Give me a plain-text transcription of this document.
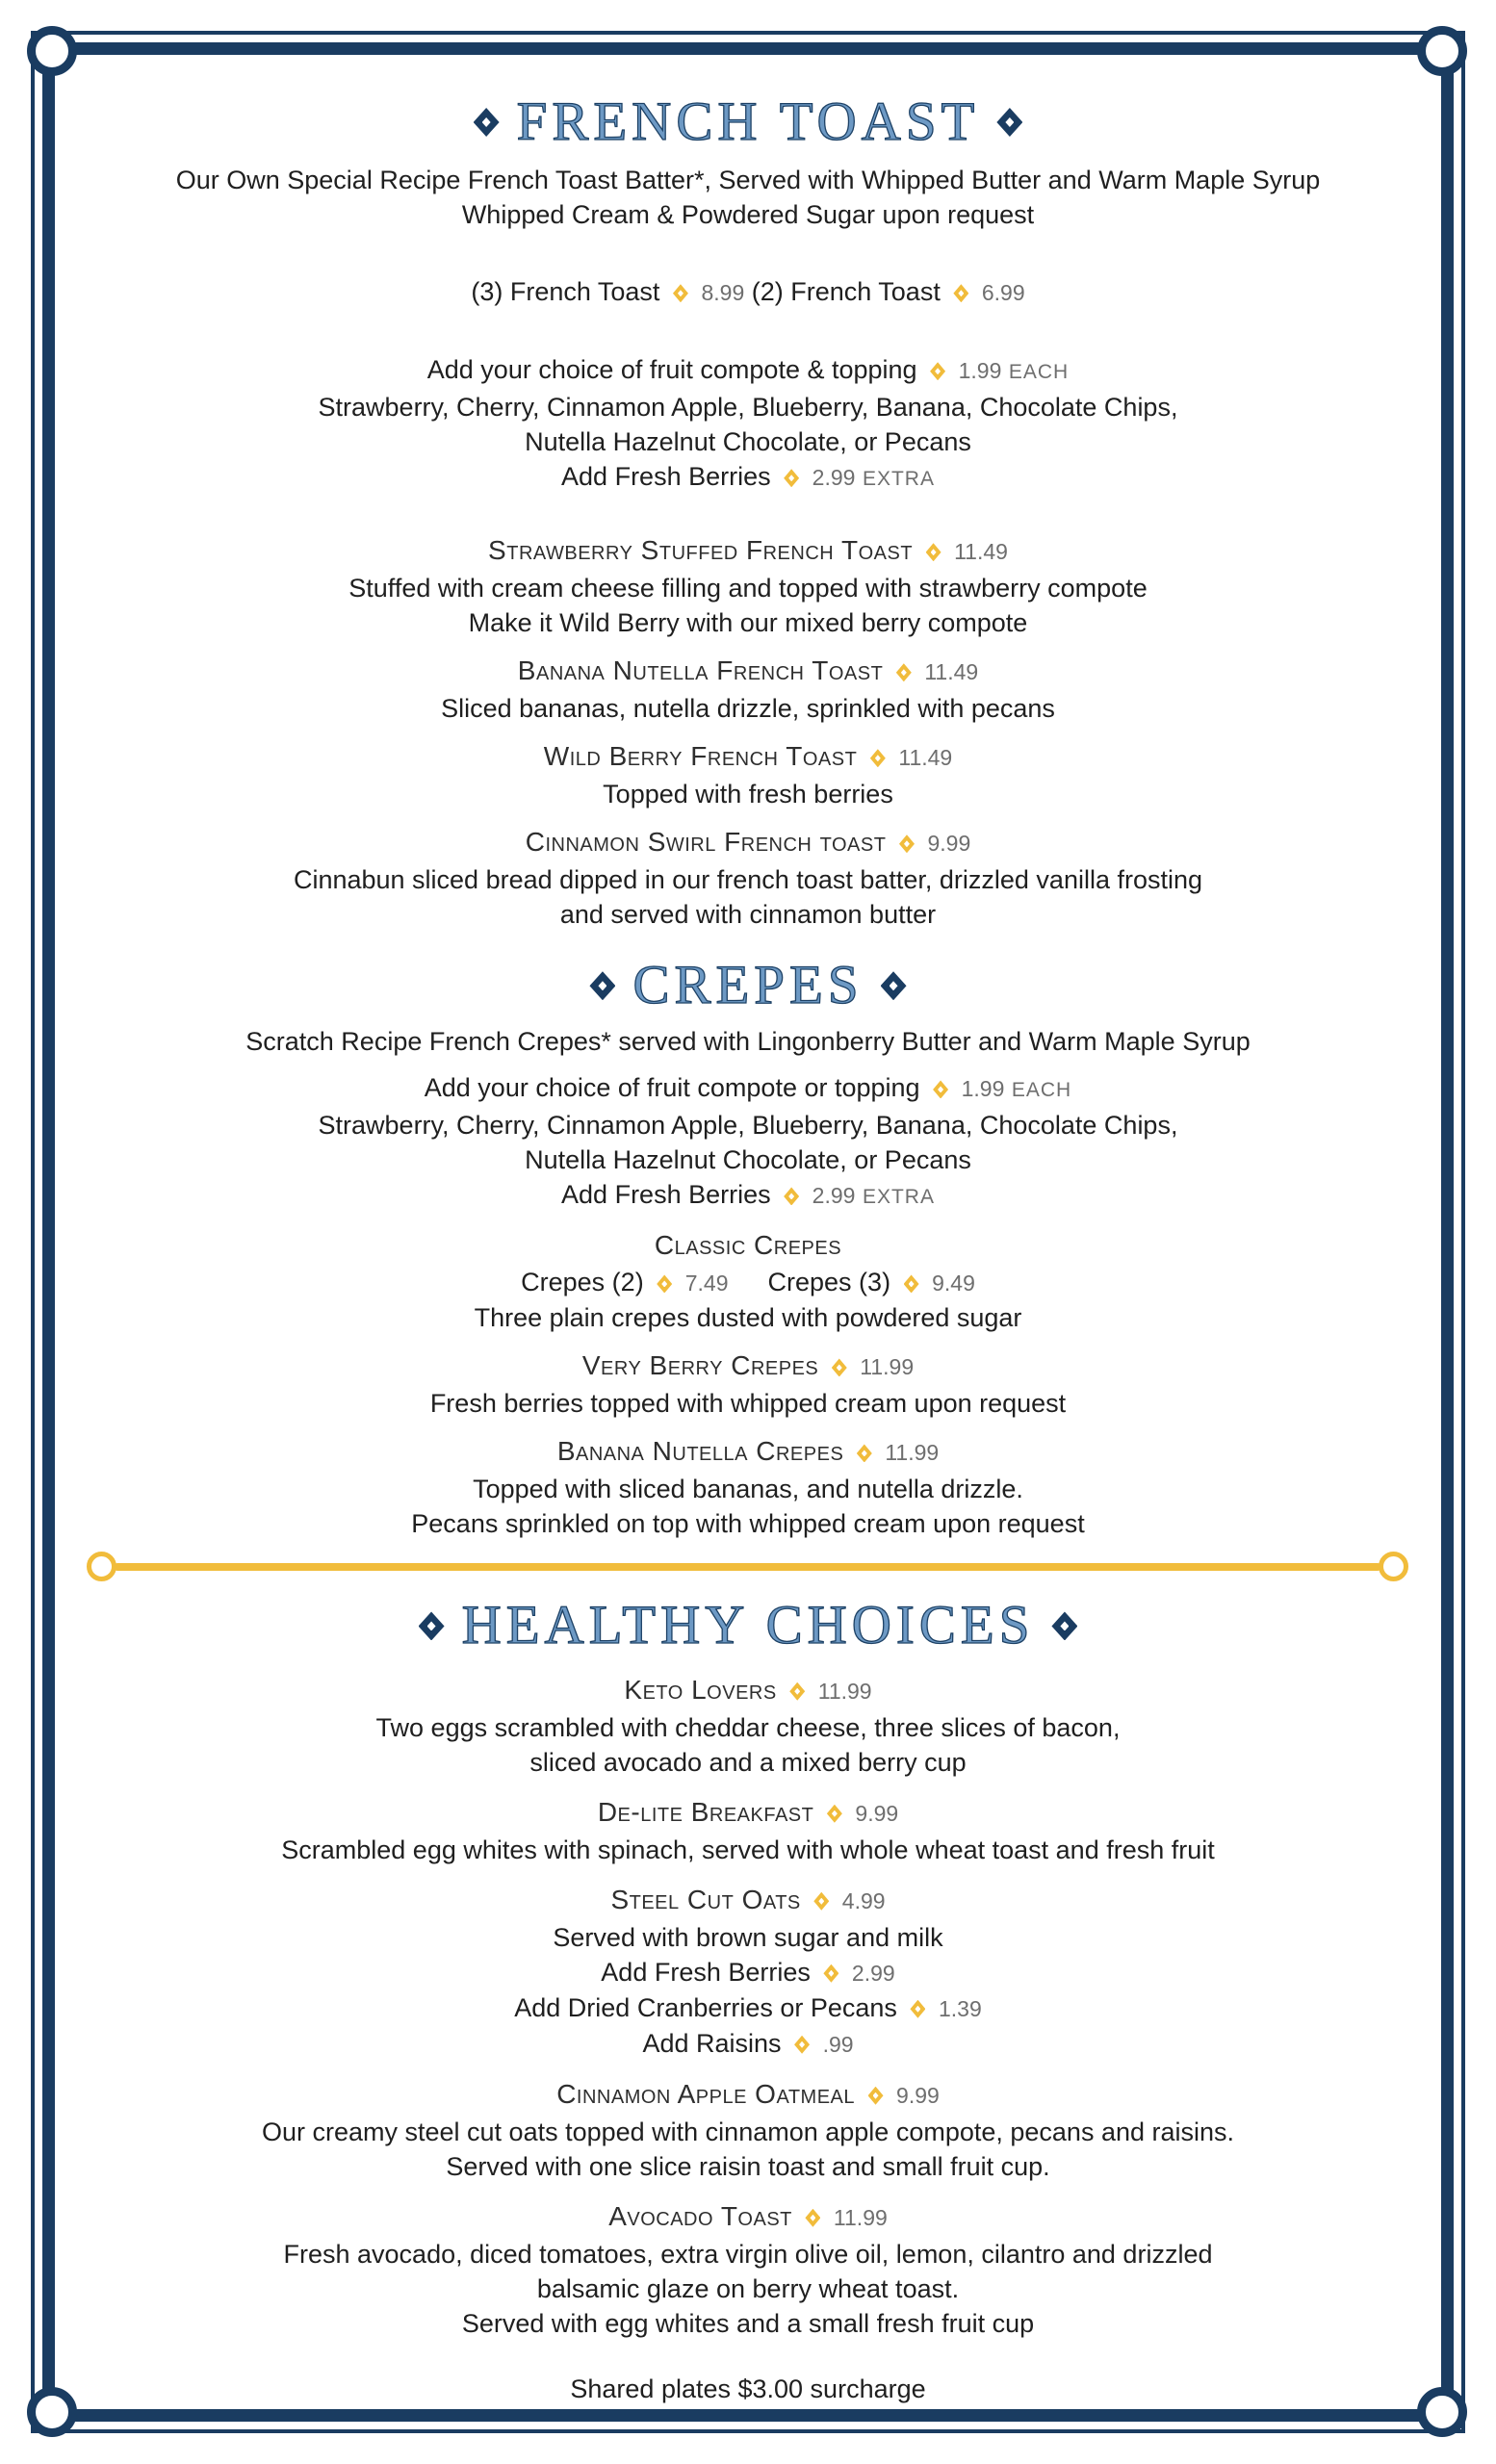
FRENCH TOAST
Our Own Special Recipe French Toast Batter*, Served with Whipped Butter and Warm Maple Syrup
Whipped Cream & Powdered Sugar upon request
(3) French Toast 8.99 (2) French Toast 6.99
Add your choice of fruit compote & topping 1.99 EACH
Strawberry, Cherry, Cinnamon Apple, Blueberry, Banana, Chocolate Chips,
Nutella Hazelnut Chocolate, or Pecans
Add Fresh Berries 2.99 EXTRA
Strawberry Stuffed French Toast 11.49
Stuffed with cream cheese filling and topped with strawberry compote
Make it Wild Berry with our mixed berry compote
Banana Nutella French Toast 11.49
Sliced bananas, nutella drizzle, sprinkled with pecans
Wild Berry French Toast 11.49
Topped with fresh berries
Cinnamon Swirl French toast 9.99
Cinnabun sliced bread dipped in our french toast batter, drizzled vanilla frosting
and served with cinnamon butter
CREPES
Scratch Recipe French Crepes* served with Lingonberry Butter and Warm Maple Syrup
Add your choice of fruit compote or topping 1.99 EACH
Strawberry, Cherry, Cinnamon Apple, Blueberry, Banana, Chocolate Chips,
Nutella Hazelnut Chocolate, or Pecans
Add Fresh Berries 2.99 EXTRA
Classic Crepes
Crepes (2) 7.49 Crepes (3) 9.49
Three plain crepes dusted with powdered sugar
Very Berry Crepes 11.99
Fresh berries topped with whipped cream upon request
Banana Nutella Crepes 11.99
Topped with sliced bananas, and nutella drizzle.
Pecans sprinkled on top with whipped cream upon request
HEALTHY CHOICES
Keto Lovers 11.99
Two eggs scrambled with cheddar cheese, three slices of bacon,
sliced avocado and a mixed berry cup
De-lite Breakfast 9.99
Scrambled egg whites with spinach, served with whole wheat toast and fresh fruit
Steel Cut Oats 4.99
Served with brown sugar and milk
Add Fresh Berries 2.99
Add Dried Cranberries or Pecans 1.39
Add Raisins .99
Cinnamon Apple Oatmeal 9.99
Our creamy steel cut oats topped with cinnamon apple compote, pecans and raisins.
Served with one slice raisin toast and small fruit cup.
Avocado Toast 11.99
Fresh avocado, diced tomatoes, extra virgin olive oil, lemon, cilantro and drizzled
balsamic glaze on berry wheat toast.
Served with egg whites and a small fresh fruit cup
Shared plates $3.00 surcharge
